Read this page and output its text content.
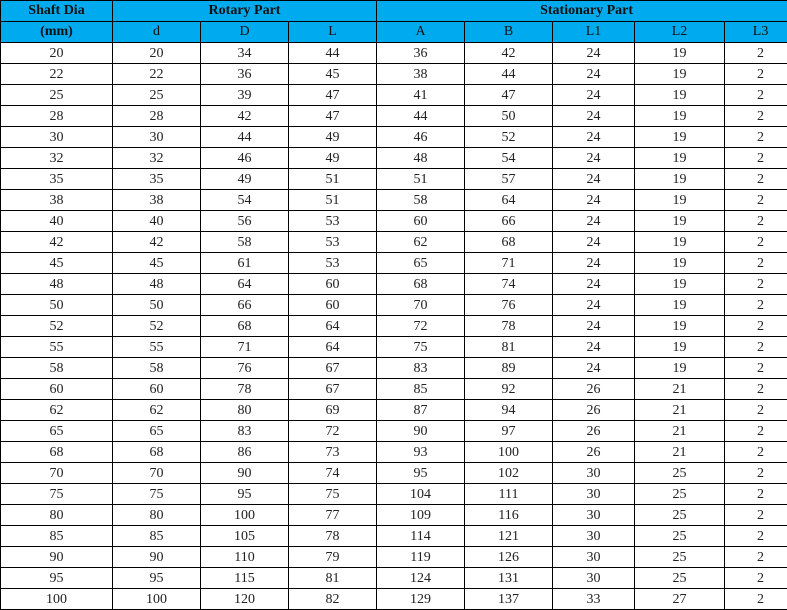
Shaft Dia	Rotary Part			Stationary Part				
(mm)	d	D	L	A	B	L1	L2	L3
20	20	34	44	36	42	24	19	2
22	22	36	45	38	44	24	19	2
25	25	39	47	41	47	24	19	2
28	28	42	47	44	50	24	19	2
30	30	44	49	46	52	24	19	2
32	32	46	49	48	54	24	19	2
35	35	49	51	51	57	24	19	2
38	38	54	51	58	64	24	19	2
40	40	56	53	60	66	24	19	2
42	42	58	53	62	68	24	19	2
45	45	61	53	65	71	24	19	2
48	48	64	60	68	74	24	19	2
50	50	66	60	70	76	24	19	2
52	52	68	64	72	78	24	19	2
55	55	71	64	75	81	24	19	2
58	58	76	67	83	89	24	19	2
60	60	78	67	85	92	26	21	2
62	62	80	69	87	94	26	21	2
65	65	83	72	90	97	26	21	2
68	68	86	73	93	100	26	21	2
70	70	90	74	95	102	30	25	2
75	75	95	75	104	111	30	25	2
80	80	100	77	109	116	30	25	2
85	85	105	78	114	121	30	25	2
90	90	110	79	119	126	30	25	2
95	95	115	81	124	131	30	25	2
100	100	120	82	129	137	33	27	2
